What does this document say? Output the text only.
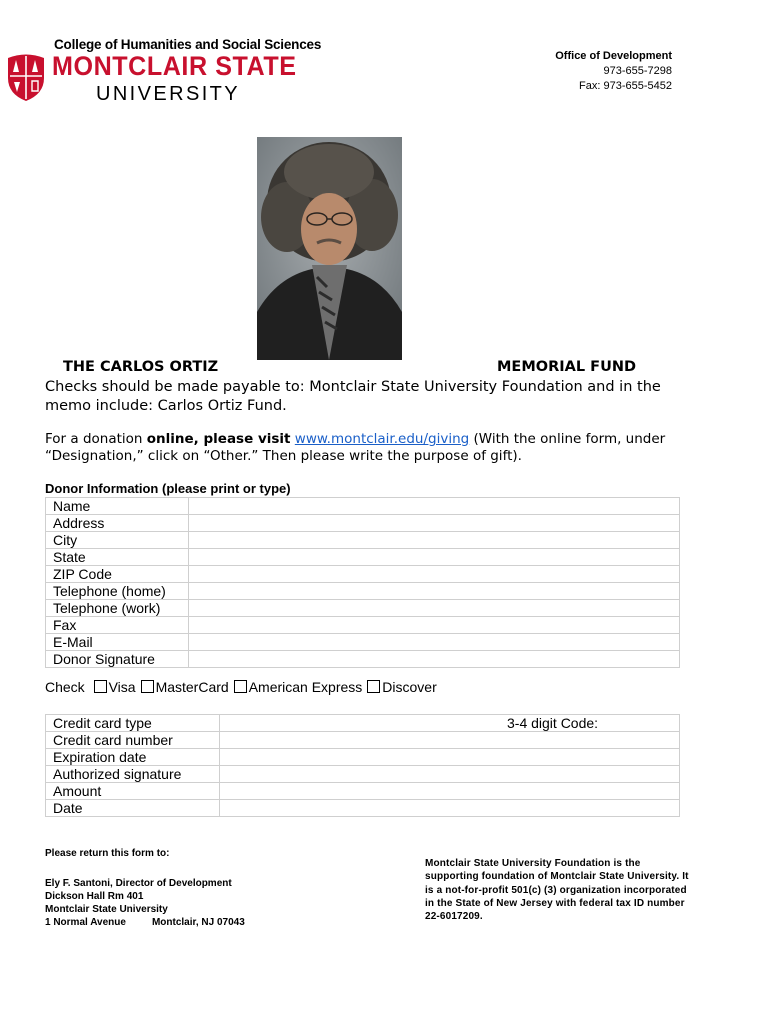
College of Humanities and Social Sciences
MONTCLAIR STATE
UNIVERSITY
Office of Development
973-655-7298
Fax: 973-655-5452
THE CARLOS ORTIZ	MEMORIAL FUND
Checks should be made payable to: Montclair State University Foundation and in the
memo include: Carlos Ortiz Fund.
For a donation online, please visit www.montclair.edu/giving (With the online form, under
“Designation,” click on “Other.” Then please write the purpose of gift).
Donor Information (please print or type)
Name	
Address	
City	
State	
ZIP Code	
Telephone (home)	
Telephone (work)	
Fax	
E-Mail	
Donor Signature	
Check Visa MasterCard American Express Discover
Credit card type	3-4 digit Code:
Credit card number	
Expiration date	
Authorized signature	
Amount	
Date	
Please return this form to:
Ely F. Santoni, Director of Development
Dickson Hall Rm 401
Montclair State University
1 Normal Avenue	Montclair, NJ 07043
Montclair State University Foundation is the
supporting foundation of Montclair State University. It
is a not-for-profit 501(c) (3) organization incorporated
in the State of New Jersey with federal tax ID number
22-6017209.
